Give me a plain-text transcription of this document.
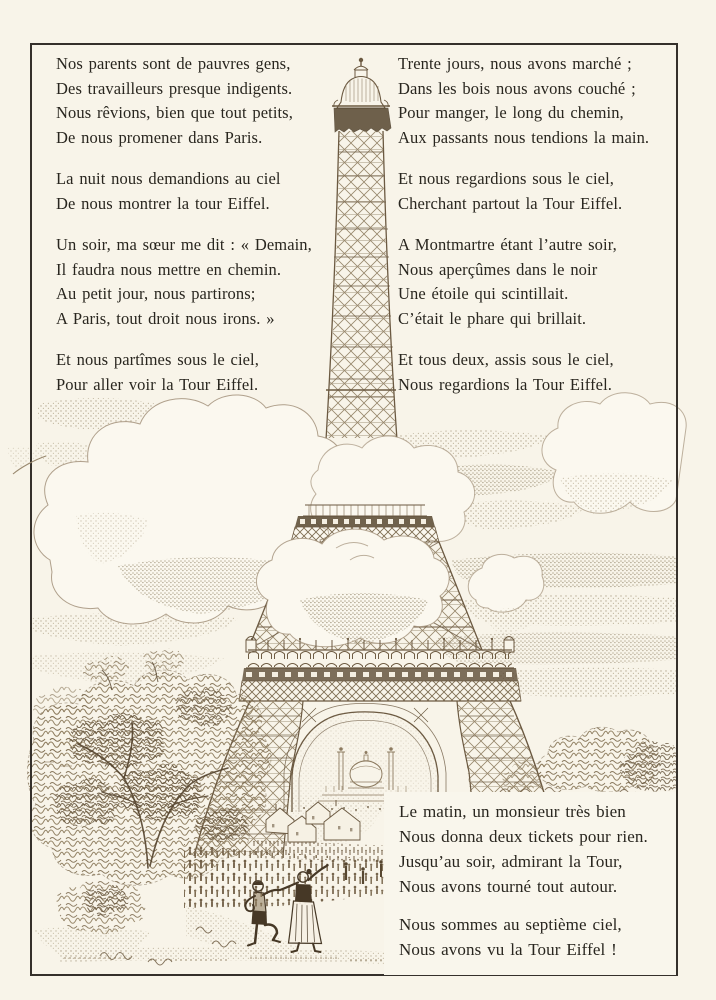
Nos parents sont de pauvres gens,
Des travailleurs presque indigents.
Nous rêvions, bien que tout petits,
De nous promener dans Paris.
La nuit nous demandions au ciel
De nous montrer la tour Eiffel.
Un soir, ma sœur me dit : « Demain,
Il faudra nous mettre en chemin.
Au petit jour, nous partirons;
A Paris, tout droit nous irons. »
Et nous partîmes sous le ciel,
Pour aller voir la Tour Eiffel.
Trente jours, nous avons marché ;
Dans les bois nous avons couché ;
Pour manger, le long du chemin,
Aux passants nous tendions la main.
Et nous regardions sous le ciel,
Cherchant partout la Tour Eiffel.
A Montmartre étant l’autre soir,
Nous aperçûmes dans le noir
Une étoile qui scintillait.
C’était le phare qui brillait.
Et tous deux, assis sous le ciel,
Nous regardions la Tour Eiffel.
Le matin, un monsieur très bien
Nous donna deux tickets pour rien.
Jusqu’au soir, admirant la Tour,
Nous avons tourné tout autour.
Nous sommes au septième ciel,
Nous avons vu la Tour Eiffel !
